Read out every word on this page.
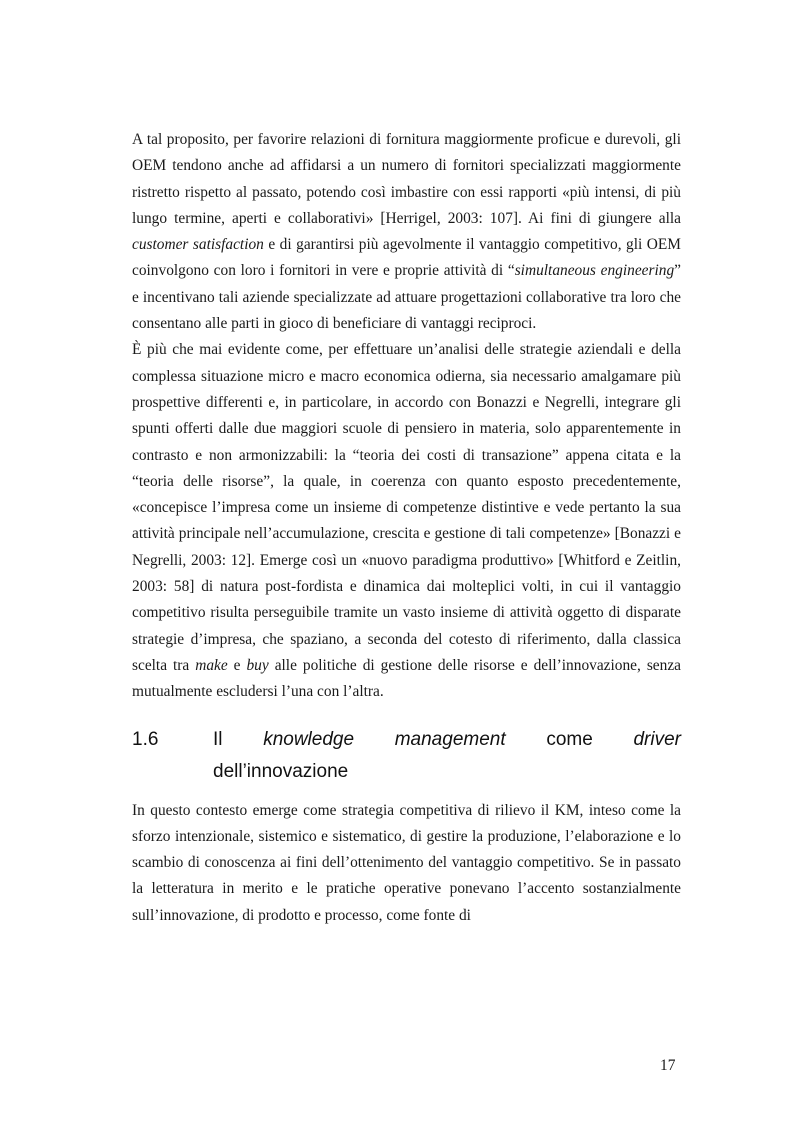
A tal proposito, per favorire relazioni di fornitura maggiormente proficue e durevoli, gli OEM tendono anche ad affidarsi a un numero di fornitori specializzati maggiormente ristretto rispetto al passato, potendo così imbastire con essi rapporti «più intensi, di più lungo termine, aperti e collaborativi» [Herrigel, 2003: 107]. Ai fini di giungere alla customer satisfaction e di garantirsi più agevolmente il vantaggio competitivo, gli OEM coinvolgono con loro i fornitori in vere e proprie attività di “simultaneous engineering” e incentivano tali aziende specializzate ad attuare progettazioni collaborative tra loro che consentano alle parti in gioco di beneficiare di vantaggi reciproci.

È più che mai evidente come, per effettuare un’analisi delle strategie aziendali e della complessa situazione micro e macro economica odierna, sia necessario amalgamare più prospettive differenti e, in particolare, in accordo con Bonazzi e Negrelli, integrare gli spunti offerti dalle due maggiori scuole di pensiero in materia, solo apparentemente in contrasto e non armonizzabili: la “teoria dei costi di transazione” appena citata e la “teoria delle risorse”, la quale, in coerenza con quanto esposto precedentemente, «concepisce l’impresa come un insieme di competenze distintive e vede pertanto la sua attività principale nell’accumulazione, crescita e gestione di tali competenze» [Bonazzi e Negrelli, 2003: 12]. Emerge così un «nuovo paradigma produttivo» [Whitford e Zeitlin, 2003: 58] di natura post-fordista e dinamica dai molteplici volti, in cui il vantaggio competitivo risulta perseguibile tramite un vasto insieme di attività oggetto di disparate strategie d’impresa, che spaziano, a seconda del cotesto di riferimento, dalla classica scelta tra make e buy alle politiche di gestione delle risorse e dell’innovazione, senza mutualmente escludersi l’una con l’altra.

1.6	Il knowledge management come driver
dell’innovazione

In questo contesto emerge come strategia competitiva di rilievo il KM, inteso come la sforzo intenzionale, sistemico e sistematico, di gestire la produzione, l’elaborazione e lo scambio di conoscenza ai fini dell’ottenimento del vantaggio competitivo. Se in passato la letteratura in merito e le pratiche operative ponevano l’accento sostanzialmente sull’innovazione, di prodotto e processo, come fonte di

17
